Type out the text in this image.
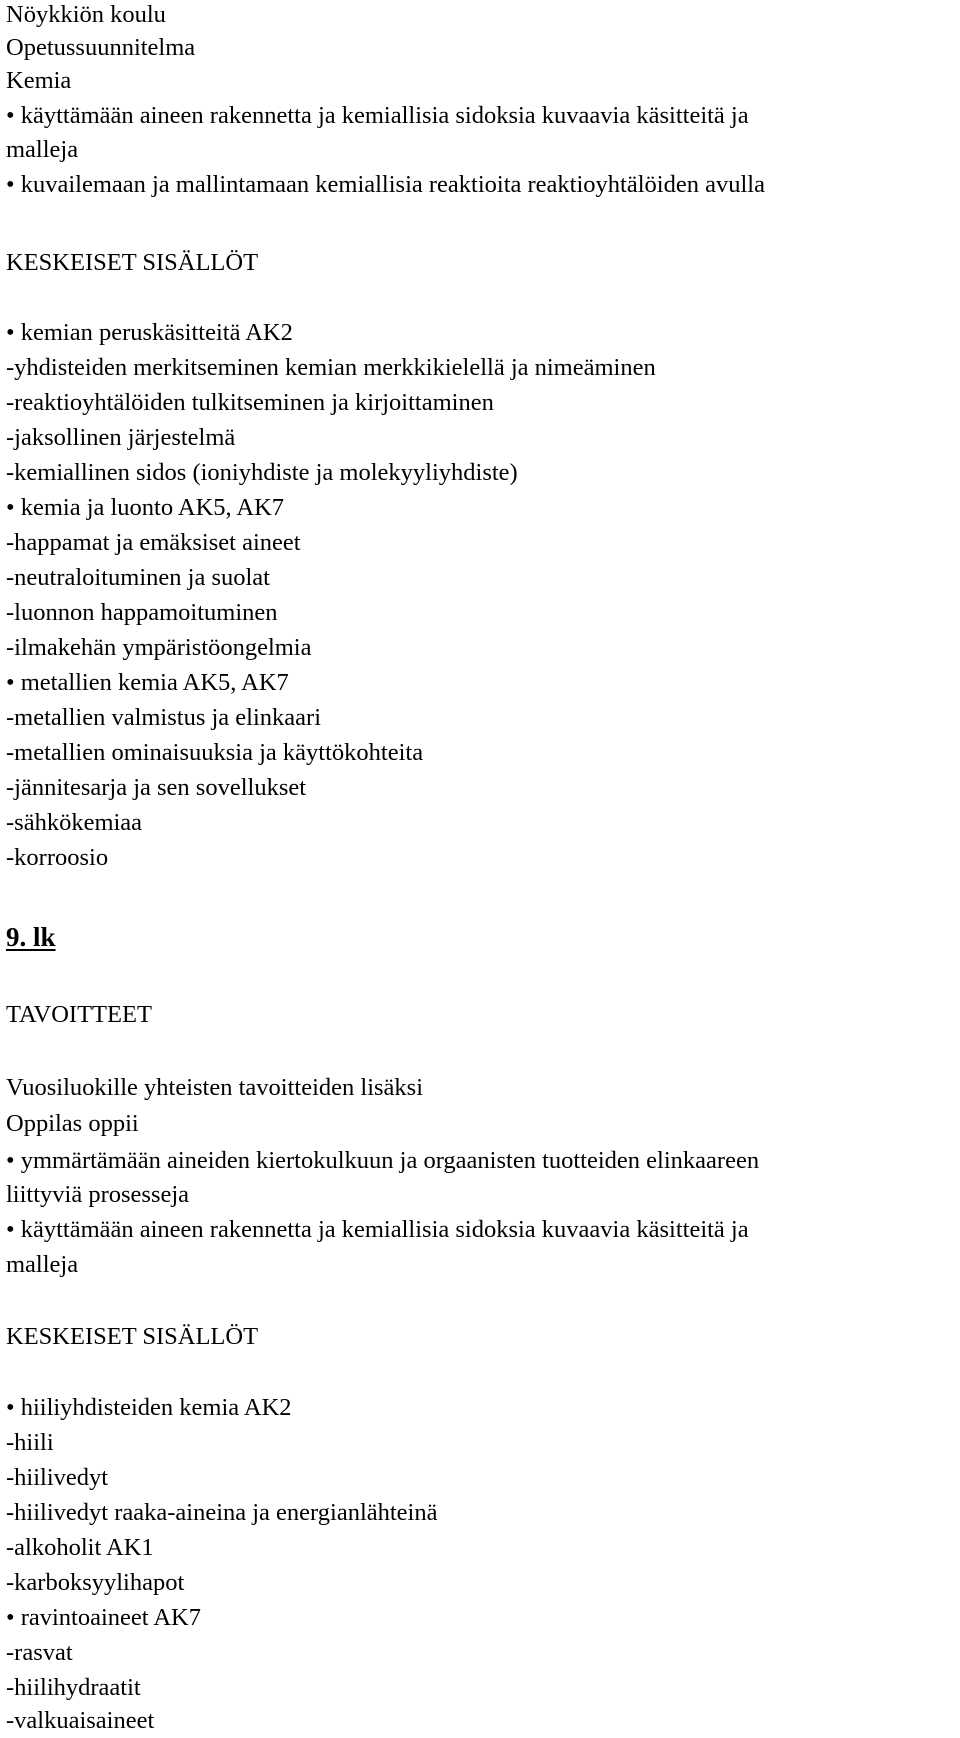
Nöykkiön koulu

Opetussuunnitelma

Kemia

• käyttämään aineen rakennetta ja kemiallisia sidoksia kuvaavia käsitteitä ja

malleja

• kuvailemaan ja mallintamaan kemiallisia reaktioita reaktioyhtälöiden avulla

KESKEISET SISÄLLÖT

• kemian peruskäsitteitä AK2

-yhdisteiden merkitseminen kemian merkkikielellä ja nimeäminen

-reaktioyhtälöiden tulkitseminen ja kirjoittaminen

-jaksollinen järjestelmä

-kemiallinen sidos (ioniyhdiste ja molekyyliyhdiste)

• kemia ja luonto AK5, AK7

-happamat ja emäksiset aineet

-neutraloituminen ja suolat

-luonnon happamoituminen

-ilmakehän ympäristöongelmia

• metallien kemia AK5, AK7

-metallien valmistus ja elinkaari

-metallien ominaisuuksia ja käyttökohteita

-jännitesarja ja sen sovellukset

-sähkökemiaa

-korroosio

9. lk

TAVOITTEET

Vuosiluokille yhteisten tavoitteiden lisäksi

Oppilas oppii

• ymmärtämään aineiden kiertokulkuun ja orgaanisten tuotteiden elinkaareen

liittyviä prosesseja

• käyttämään aineen rakennetta ja kemiallisia sidoksia kuvaavia käsitteitä ja

malleja

KESKEISET SISÄLLÖT

• hiiliyhdisteiden kemia AK2

-hiili

-hiilivedyt

-hiilivedyt raaka-aineina ja energianlähteinä

-alkoholit AK1

-karboksyylihapot

• ravintoaineet AK7

-rasvat

-hiilihydraatit

-valkuaisaineet
